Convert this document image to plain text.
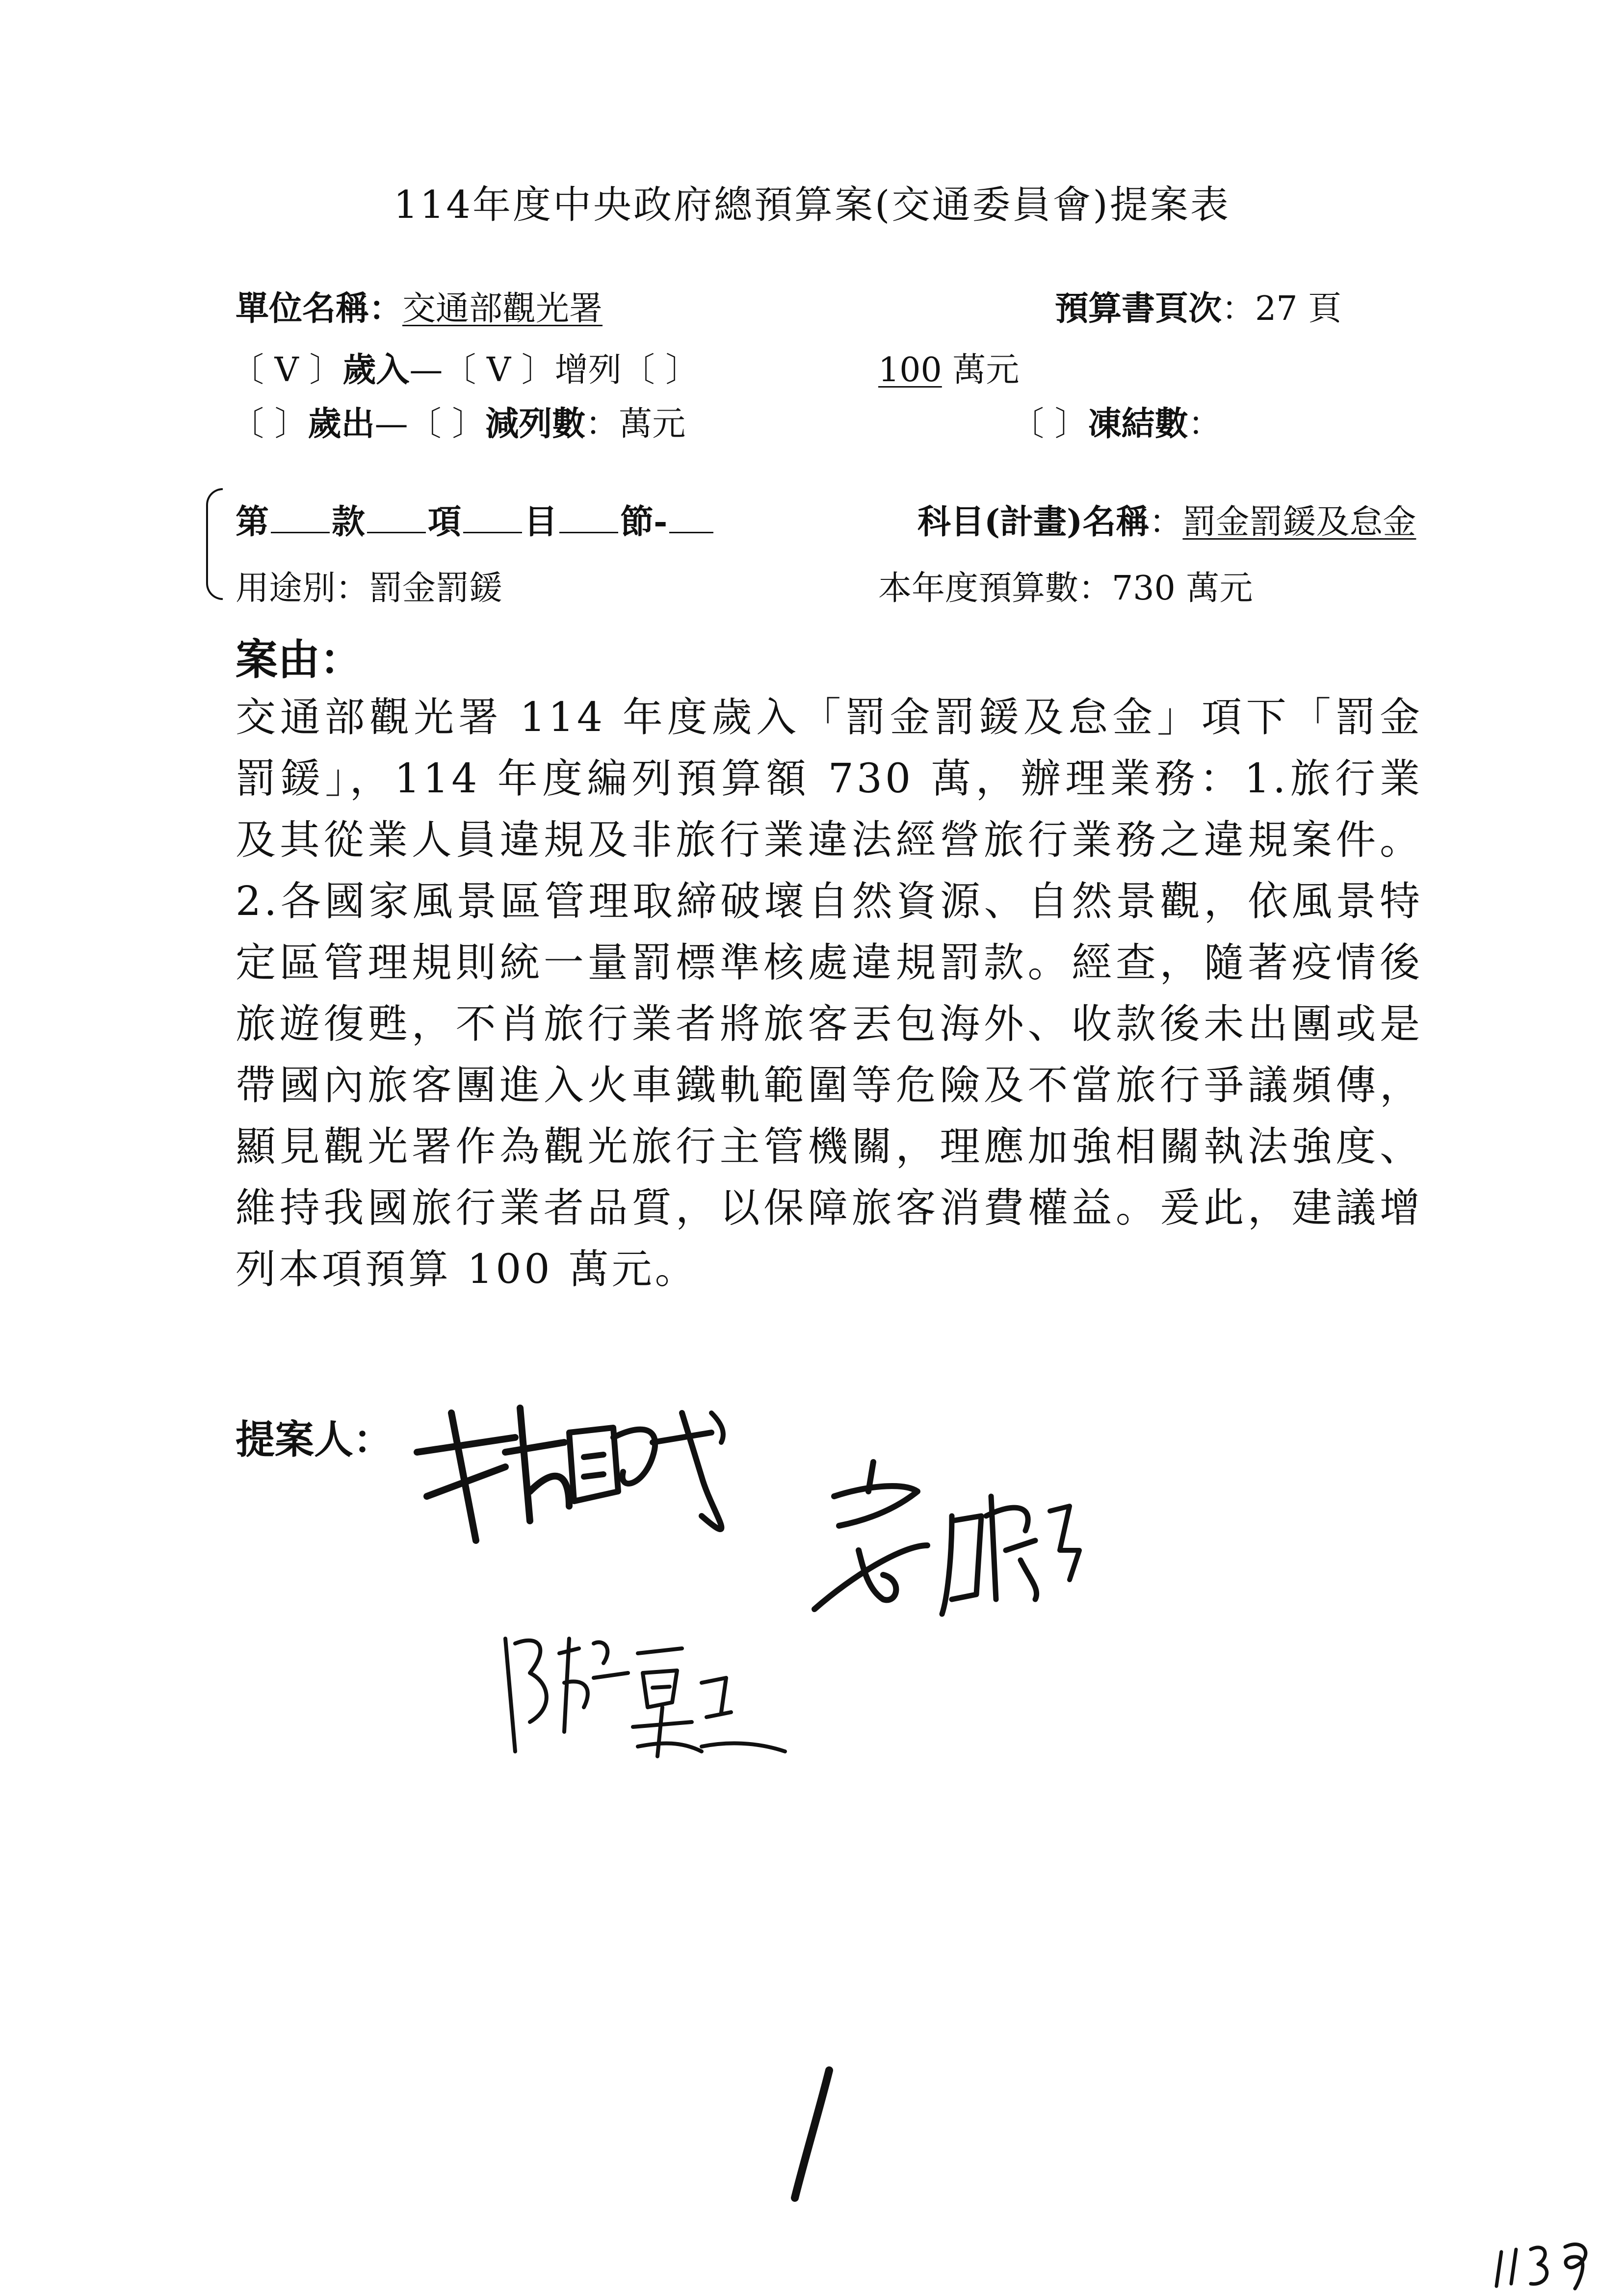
114年度中央政府總預算案(交通委員會)提案表
單位名稱：交通部觀光署	預算書頁次：27 頁
〔 V 〕歲入—〔 V 〕增列〔 〕	100 萬元
〔 〕歲出—〔 〕減列數：萬元	〔 〕凍結數：
第 款 項 目 節-	科目(計畫)名稱：罰金罰鍰及怠金
用途別：罰金罰鍰	本年度預算數：730 萬元
案由：
交通部觀光署 114 年度歲入「罰金罰鍰及怠金」項下「罰金罰鍰」，114 年度編列預算額 730 萬，辦理業務：1.旅行業及其從業人員違規及非旅行業違法經營旅行業務之違規案件。2.各國家風景區管理取締破壞自然資源、自然景觀，依風景特定區管理規則統一量罰標準核處違規罰款。經查，隨著疫情後旅遊復甦，不肖旅行業者將旅客丟包海外、收款後未出團或是帶國內旅客團進入火車鐵軌範圍等危險及不當旅行爭議頻傳，顯見觀光署作為觀光旅行主管機關，理應加強相關執法強度、維持我國旅行業者品質，以保障旅客消費權益。爰此，建議增列本項預算 100 萬元。
提案人：
